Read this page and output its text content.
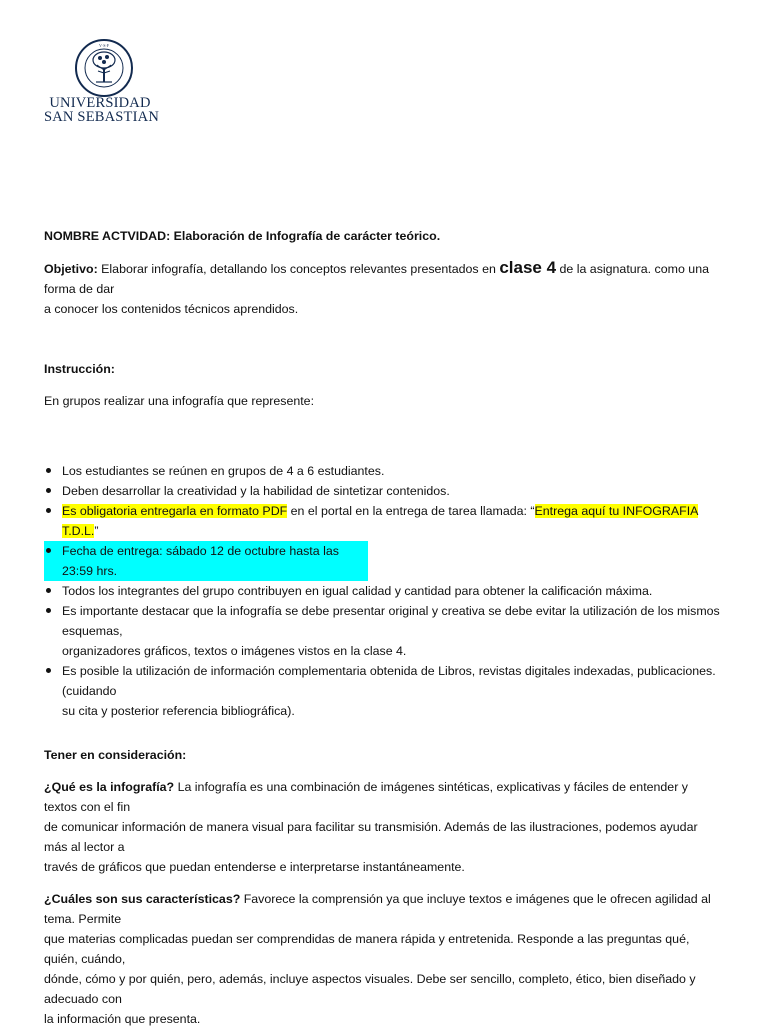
V·S·F
UNIVERSIDAD
SAN SEBASTIAN

NOMBRE ACTVIDAD: Elaboración de Infografía de carácter teórico.

Objetivo: Elaborar infografía, detallando los conceptos relevantes presentados en clase 4 de la asignatura. como una forma de dar
a conocer los contenidos técnicos aprendidos.

Instrucción:

En grupos realizar una infografía que represente:

Los estudiantes se reúnen en grupos de 4 a 6 estudiantes.
Deben desarrollar la creatividad y la habilidad de sintetizar contenidos.
Es obligatoria entregarla en formato PDF en el portal en la entrega de tarea llamada: “Entrega aquí tu INFOGRAFIA T.D.L.”
Fecha de entrega: sábado 12 de octubre hasta las 23:59 hrs.
Todos los integrantes del grupo contribuyen en igual calidad y cantidad para obtener la calificación máxima.
Es importante destacar que la infografía se debe presentar original y creativa se debe evitar la utilización de los mismos esquemas,
organizadores gráficos, textos o imágenes vistos en la clase 4.
Es posible la utilización de información complementaria obtenida de Libros, revistas digitales indexadas, publicaciones. (cuidando
su cita y posterior referencia bibliográfica).

Tener en consideración:

¿Qué es la infografía? La infografía es una combinación de imágenes sintéticas, explicativas y fáciles de entender y textos con el fin
de comunicar información de manera visual para facilitar su transmisión. Además de las ilustraciones, podemos ayudar más al lector a
través de gráficos que puedan entenderse e interpretarse instantáneamente.

¿Cuáles son sus características? Favorece la comprensión ya que incluye textos e imágenes que le ofrecen agilidad al tema. Permite
que materias complicadas puedan ser comprendidas de manera rápida y entretenida. Responde a las preguntas qué, quién, cuándo,
dónde, cómo y por quién, pero, además, incluye aspectos visuales. Debe ser sencillo, completo, ético, bien diseñado y adecuado con
la información que presenta.
